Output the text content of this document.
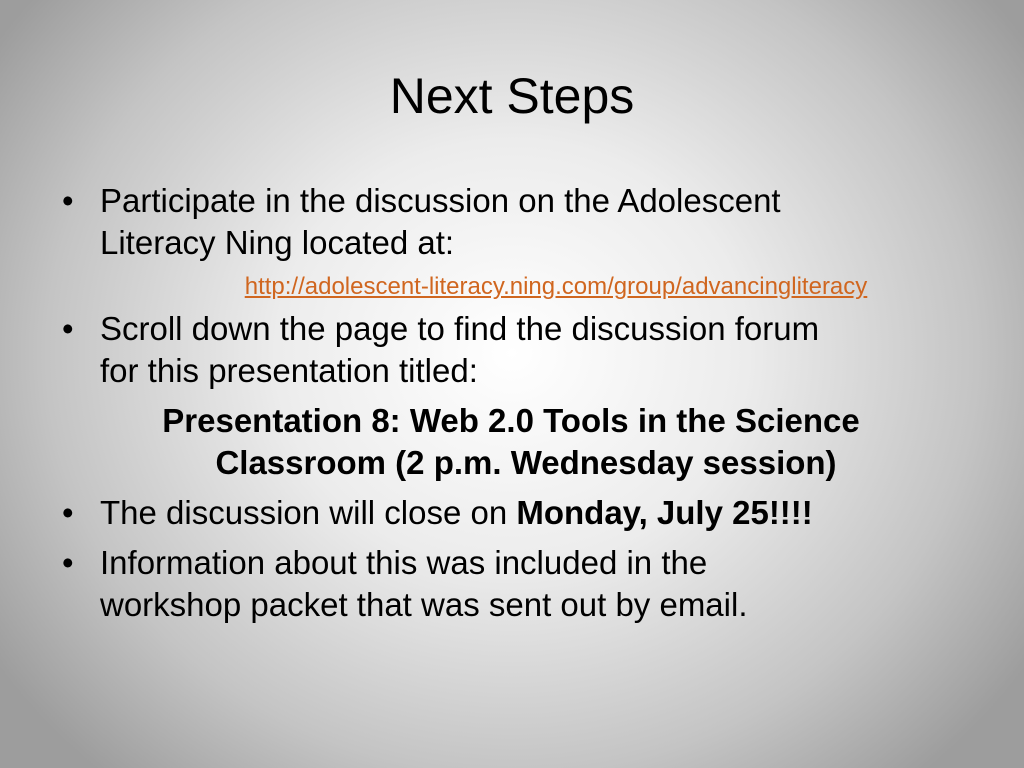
Next Steps
• Participate in the discussion on the Adolescent
Literacy Ning located at:
http://adolescent-literacy.ning.com/group/advancingliteracy
• Scroll down the page to find the discussion forum
for this presentation titled:
Presentation 8: Web 2.0 Tools in the Science
Classroom (2 p.m. Wednesday session)
• The discussion will close on Monday, July 25!!!!
• Information about this was included in the
workshop packet that was sent out by email.
